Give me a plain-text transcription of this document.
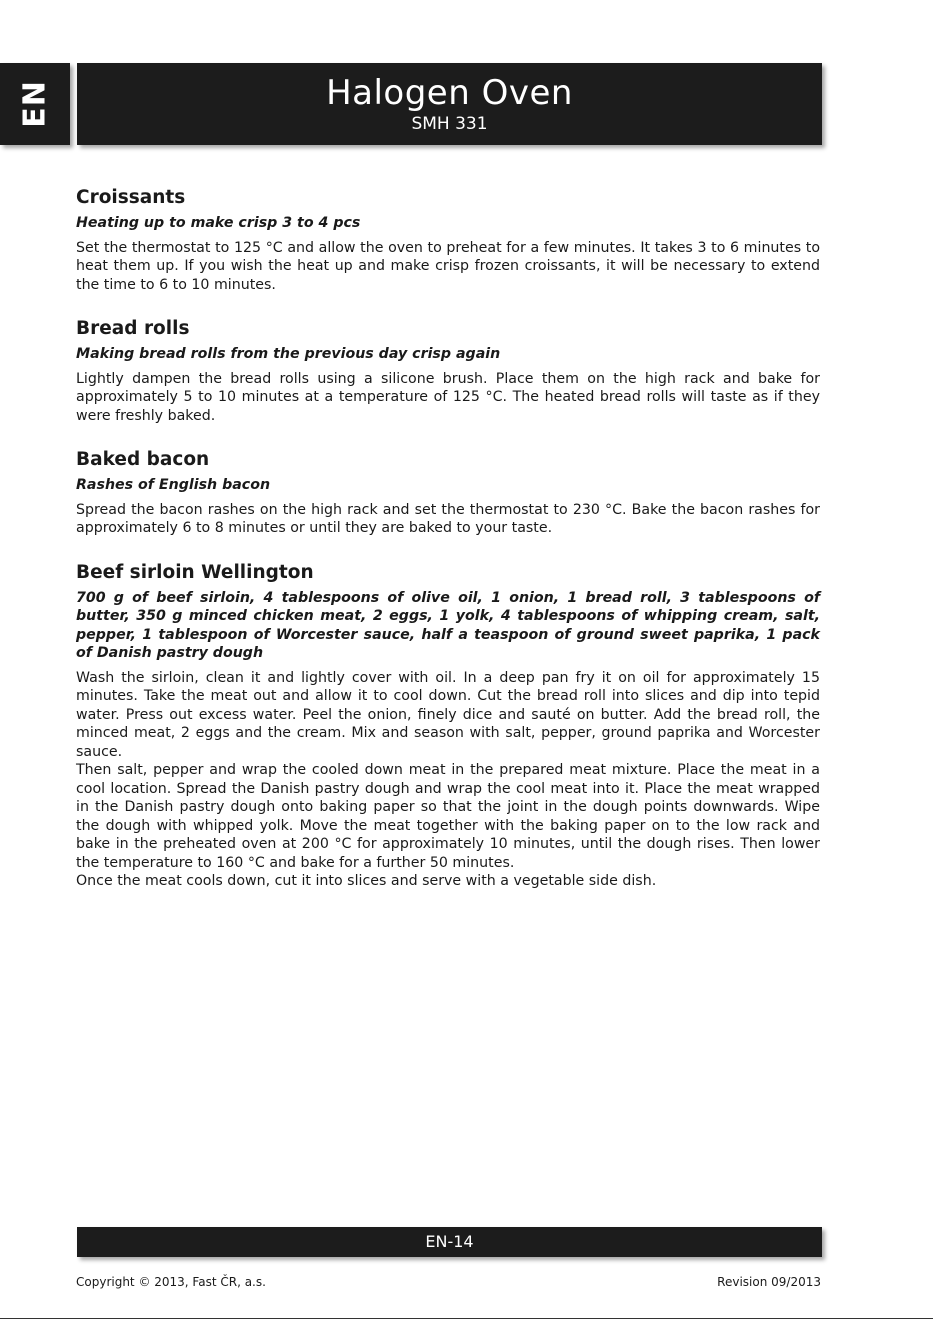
EN	Halogen Oven
SMH 331
Croissants
Heating up to make crisp 3 to 4 pcs

Set the thermostat to 125 °C and allow the oven to preheat for a few minutes. It takes 3 to 6 minutes to heat them up. If you wish the heat up and make crisp frozen croissants, it will be necessary to extend the time to 6 to 10 minutes.

Bread rolls
Making bread rolls from the previous day crisp again

Lightly dampen the bread rolls using a silicone brush. Place them on the high rack and bake for approximately 5 to 10 minutes at a temperature of 125 °C. The heated bread rolls will taste as if they were freshly baked.

Baked bacon
Rashes of English bacon

Spread the bacon rashes on the high rack and set the thermostat to 230 °C. Bake the bacon rashes for approximately 6 to 8 minutes or until they are baked to your taste.

Beef sirloin Wellington
700 g of beef sirloin, 4 tablespoons of olive oil, 1 onion, 1 bread roll, 3 tablespoons of butter, 350 g minced chicken meat, 2 eggs, 1 yolk, 4 tablespoons of whipping cream, salt, pepper, 1 tablespoon of Worcester sauce, half a teaspoon of ground sweet paprika, 1 pack of Danish pastry dough

Wash the sirloin, clean it and lightly cover with oil. In a deep pan fry it on oil for approximately 15 minutes. Take the meat out and allow it to cool down. Cut the bread roll into slices and dip into tepid water. Press out excess water. Peel the onion, finely dice and sauté on butter. Add the bread roll, the minced meat, 2 eggs and the cream. Mix and season with salt, pepper, ground paprika and Worcester sauce.

Then salt, pepper and wrap the cooled down meat in the prepared meat mixture. Place the meat in a cool location. Spread the Danish pastry dough and wrap the cool meat into it. Place the meat wrapped in the Danish pastry dough onto baking paper so that the joint in the dough points downwards. Wipe the dough with whipped yolk. Move the meat together with the baking paper on to the low rack and bake in the preheated oven at 200 °C for approximately 10 minutes, until the dough rises. Then lower the temperature to 160 °C and bake for a further 50 minutes.

Once the meat cools down, cut it into slices and serve with a vegetable side dish.

EN-14
Copyright © 2013, Fast ČR, a.s.	Revision 09/2013
